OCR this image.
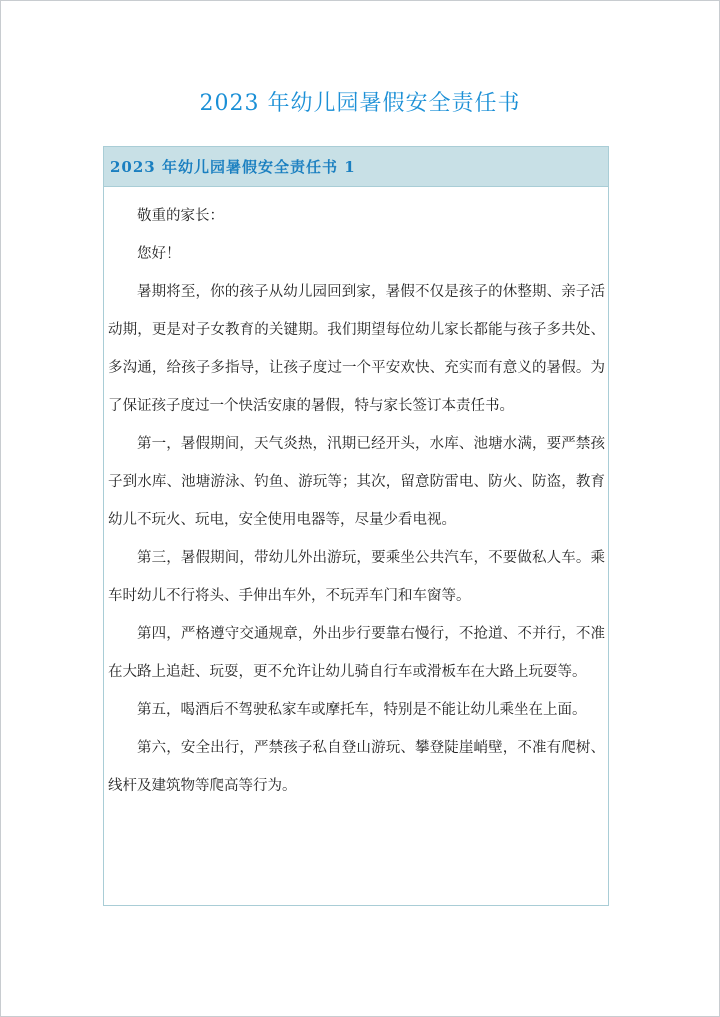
2023 年幼儿园暑假安全责任书
2023 年幼儿园暑假安全责任书 1

敬重的家长：

您好！

暑期将至，你的孩子从幼儿园回到家，暑假不仅是孩子的休整期、亲子活动期，更是对子女教育的关键期。我们期望每位幼儿家长都能与孩子多共处、多沟通，给孩子多指导，让孩子度过一个平安欢快、充实而有意义的暑假。为了保证孩子度过一个快活安康的暑假，特与家长签订本责任书。

第一，暑假期间，天气炎热，汛期已经开头，水库、池塘水满，要严禁孩子到水库、池塘游泳、钓鱼、游玩等；其次，留意防雷电、防火、防盗，教育幼儿不玩火、玩电，安全使用电器等，尽量少看电视。

第三，暑假期间，带幼儿外出游玩，要乘坐公共汽车，不要做私人车。乘车时幼儿不行将头、手伸出车外，不玩弄车门和车窗等。

第四，严格遵守交通规章，外出步行要靠右慢行，不抢道、不并行，不准在大路上追赶、玩耍，更不允许让幼儿骑自行车或滑板车在大路上玩耍等。

第五，喝酒后不驾驶私家车或摩托车，特别是不能让幼儿乘坐在上面。

第六，安全出行，严禁孩子私自登山游玩、攀登陡崖峭壁，不准有爬树、线杆及建筑物等爬高等行为。
